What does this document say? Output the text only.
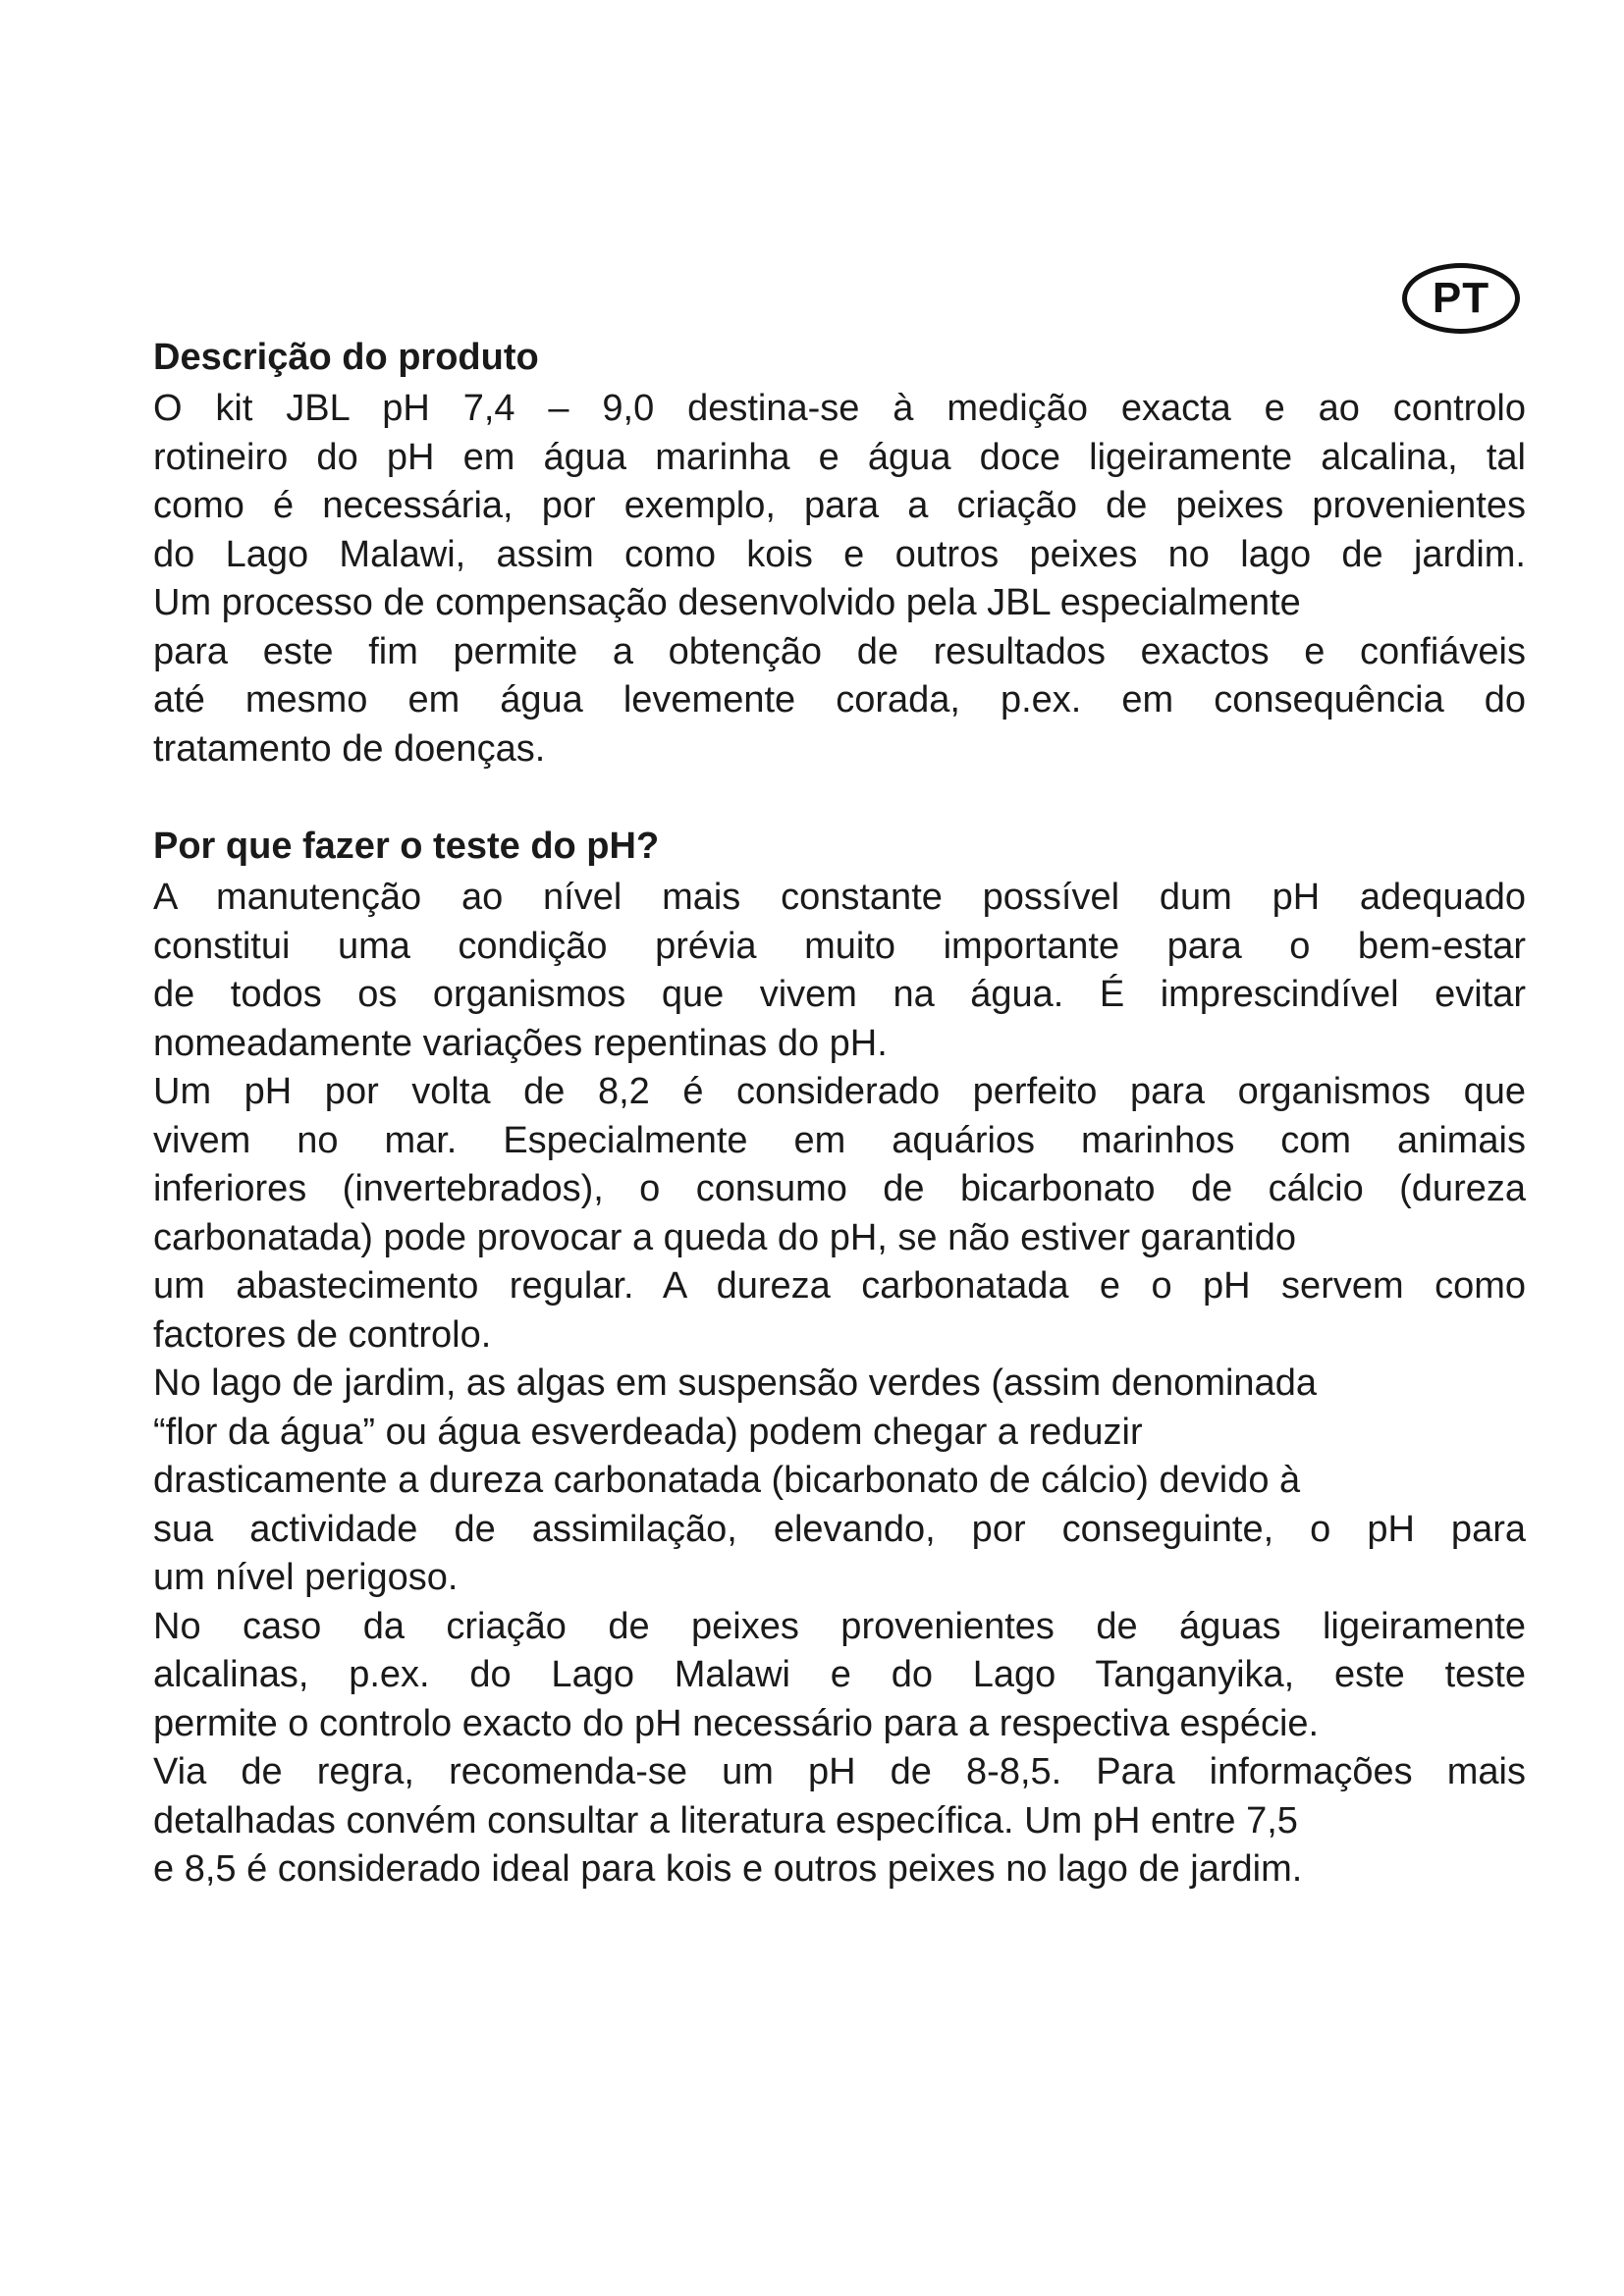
PT
Descrição do produto

O kit JBL pH 7,4 – 9,0 destina-se à medição exacta e ao controlo

rotineiro do pH em água marinha e água doce ligeiramente alcalina, tal

como é necessária, por exemplo, para a criação de peixes provenientes

do Lago Malawi, assim como kois e outros peixes no lago de jardim.

Um processo de compensação desenvolvido pela JBL especialmente

para este fim permite a obtenção de resultados exactos e confiáveis

até mesmo em água levemente corada, p.ex. em consequência do

tratamento de doenças.

Por que fazer o teste do pH?

A manutenção ao nível mais constante possível dum pH adequado

constitui uma condição prévia muito importante para o bem-estar

de todos os organismos que vivem na água. É imprescindível evitar

nomeadamente variações repentinas do pH.

Um pH por volta de 8,2 é considerado perfeito para organismos que

vivem no mar. Especialmente em aquários marinhos com animais

inferiores (invertebrados), o consumo de bicarbonato de cálcio (dureza

carbonatada) pode provocar a queda do pH, se não estiver garantido

um abastecimento regular. A dureza carbonatada e o pH servem como

factores de controlo.

No lago de jardim, as algas em suspensão verdes (assim denominada

“flor da água” ou água esverdeada) podem chegar a reduzir

drasticamente a dureza carbonatada (bicarbonato de cálcio) devido à

sua actividade de assimilação, elevando, por conseguinte, o pH para

um nível perigoso.

No caso da criação de peixes provenientes de águas ligeiramente

alcalinas, p.ex. do Lago Malawi e do Lago Tanganyika, este teste

permite o controlo exacto do pH necessário para a respectiva espécie.

Via de regra, recomenda-se um pH de 8-8,5. Para informações mais

detalhadas convém consultar a literatura específica. Um pH entre 7,5

e 8,5 é considerado ideal para kois e outros peixes no lago de jardim.
